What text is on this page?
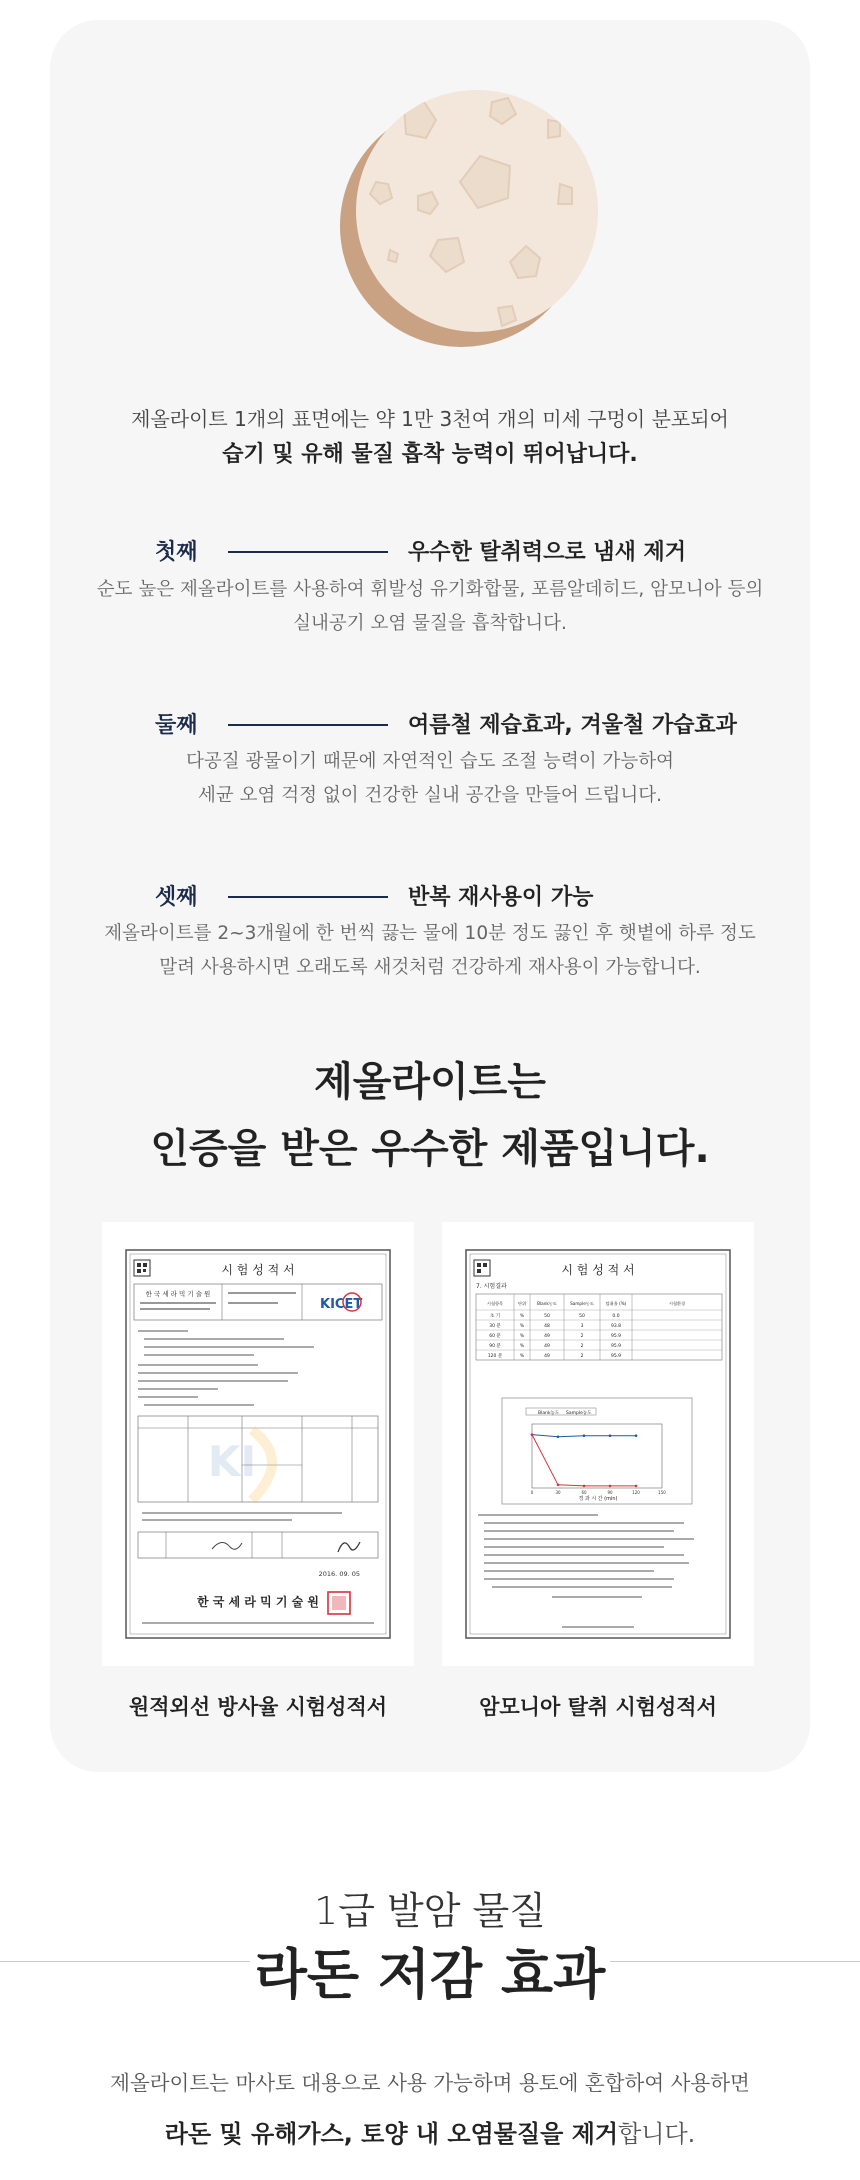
제올라이트 1개의 표면에는 약 1만 3천여 개의 미세 구멍이 분포되어
습기 및 유해 물질 흡착 능력이 뛰어납니다.
첫째	우수한 탈취력으로 냄새 제거
순도 높은 제올라이트를 사용하여 휘발성 유기화합물, 포름알데히드, 암모니아 등의
실내공기 오염 물질을 흡착합니다.
둘째	여름철 제습효과, 겨울철 가습효과
다공질 광물이기 때문에 자연적인 습도 조절 능력이 가능하여
세균 오염 걱정 없이 건강한 실내 공간을 만들어 드립니다.
셋째	반복 재사용이 가능
제올라이트를 2~3개월에 한 번씩 끓는 물에 10분 정도 끓인 후 햇볕에 하루 정도
말려 사용하시면 오래도록 새것처럼 건강하게 재사용이 가능합니다.
제올라이트는
인증을 받은 우수한 제품입니다.
시 험 성 적 서
한 국 세 라 믹 기 술 원
KICET
KI
2016. 09. 05
한 국 세 라 믹 기 술 원
원적외선 방사율 시험성적서
시 험 성 적 서
7. 시험결과
시험항목	단위	Blank농도	Sample농도	탈취율 (%)	시험환경
초 기	%	50	50	0.0
30 분	%	48	3	93.8
60 분	%	49	2	95.9
90 분	%	49	2	95.9
120 분	%	49	2	95.9
Blank농도 Sample농도
0	30	60	90	120	150
경 과 시 간 (min)
암모니아 탈취 시험성적서
1급 발암 물질
라돈 저감 효과
제올라이트는 마사토 대용으로 사용 가능하며 용토에 혼합하여 사용하면
라돈 및 유해가스, 토양 내 오염물질을 제거합니다.
